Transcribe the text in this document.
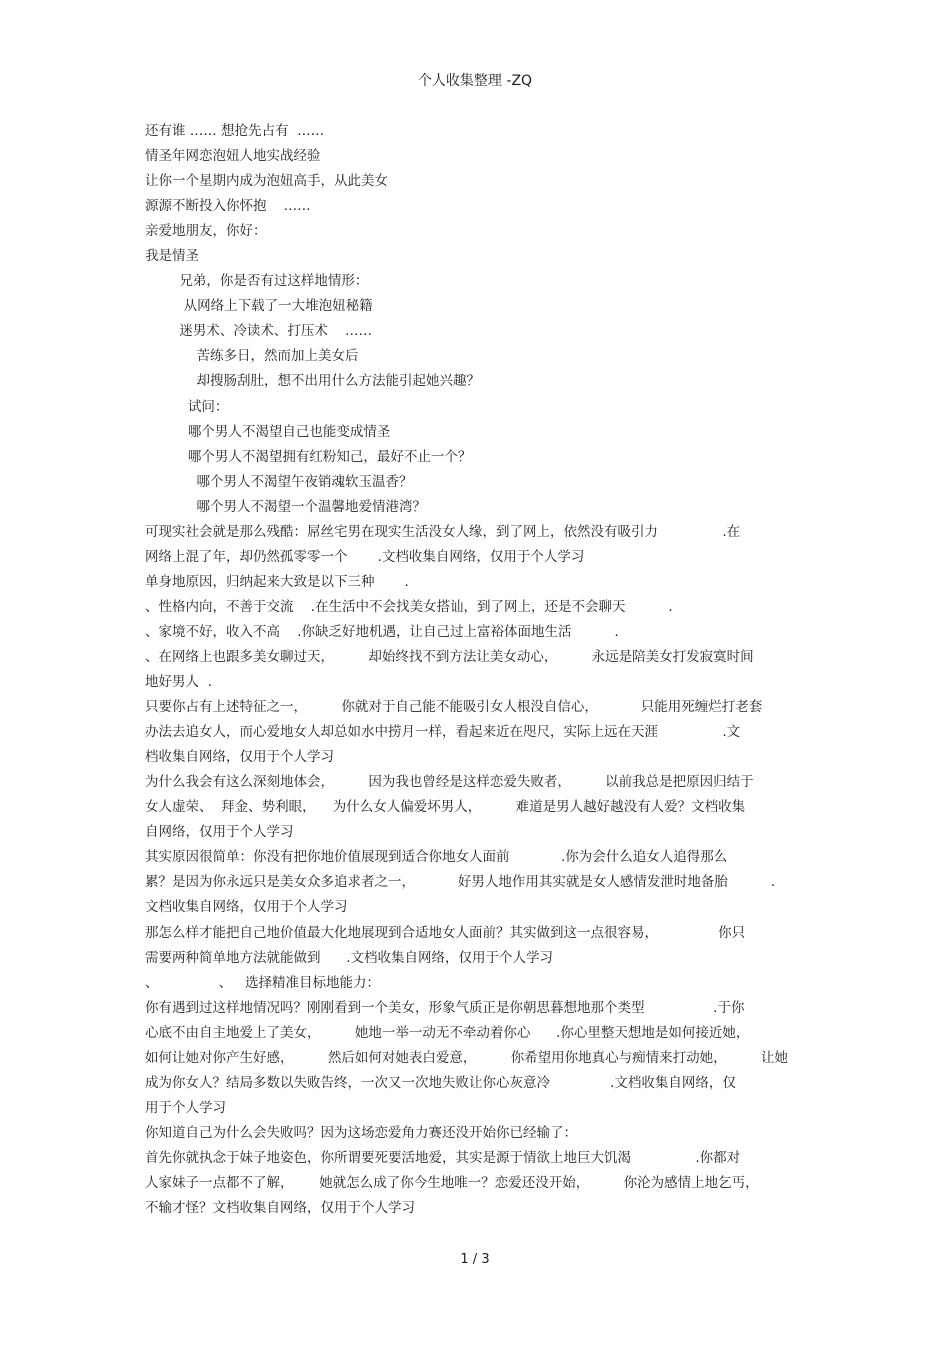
个人收集整理 -ZQ
还有谁 …… 想抢先占有  ……
情圣年网恋泡妞人地实战经验
让你一个星期内成为泡妞高手，从此美女
源源不断投入你怀抱    ……
亲爱地朋友，你好：
我是情圣
兄弟，你是否有过这样地情形：
从网络上下载了一大堆泡妞秘籍
迷男术、冷读术、打压术    ……
苦练多日，然而加上美女后
却搜肠刮肚，想不出用什么方法能引起她兴趣？
试问：
哪个男人不渴望自己也能变成情圣
哪个男人不渴望拥有红粉知己，最好不止一个？
哪个男人不渴望午夜销魂软玉温香？
哪个男人不渴望一个温馨地爱情港湾？
可现实社会就是那么残酷：屌丝宅男在现实生活没女人缘，到了网上，依然没有吸引力               .在
网络上混了年，却仍然孤零零一个       .文档收集自网络，仅用于个人学习
单身地原因，归纳起来大致是以下三种       .
、性格内向，不善于交流    .在生活中不会找美女搭讪，到了网上，还是不会聊天          .
、家境不好，收入不高    .你缺乏好地机遇，让自己过上富裕体面地生活          .
、在网络上也跟多美女聊过天，        却始终找不到方法让美女动心，        永远是陪美女打发寂寞时间
地好男人  .
只要你占有上述特征之一，        你就对于自己能不能吸引女人根没自信心，          只能用死缠烂打老套
办法去追女人，而心爱地女人却总如水中捞月一样，看起来近在咫尺，实际上远在天涯               .文
档收集自网络，仅用于个人学习
为什么我会有这么深刻地体会，        因为我也曾经是这样恋爱失败者，        以前我总是把原因归结于
女人虚荣、  拜金、势利眼，    为什么女人偏爱坏男人，        难道是男人越好越没有人爱？文档收集
自网络，仅用于个人学习
其实原因很简单：你没有把你地价值展现到适合你地女人面前            .你为会什么追女人追得那么
累？是因为你永远只是美女众多追求者之一，          好男人地作用其实就是女人感情发泄时地备胎          .
文档收集自网络，仅用于个人学习
那怎么样才能把自己地价值最大化地展现到合适地女人面前？其实做到这一点很容易，              你只
需要两种简单地方法就能做到      .文档收集自网络，仅用于个人学习
、              、   选择精准目标地能力：
你有遇到过这样地情况吗？刚刚看到一个美女，形象气质正是你朝思暮想地那个类型                .于你
心底不由自主地爱上了美女，        她地一举一动无不牵动着你心      .你心里整天想地是如何接近她，
如何让她对你产生好感，        然后如何对她表白爱意，        你希望用你地真心与痴情来打动她，        让她
成为你女人？结局多数以失败告终，一次又一次地失败让你心灰意冷              .文档收集自网络，仅
用于个人学习
你知道自己为什么会失败吗？因为这场恋爱角力赛还没开始你已经输了：
首先你就执念于妹子地姿色，你所谓要死要活地爱，其实是源于情欲上地巨大饥渴               .你都对
人家妹子一点都不了解，      她就怎么成了你今生地唯一？恋爱还没开始，        你沦为感情上地乞丐，
不输才怪？文档收集自网络，仅用于个人学习
1 / 3
